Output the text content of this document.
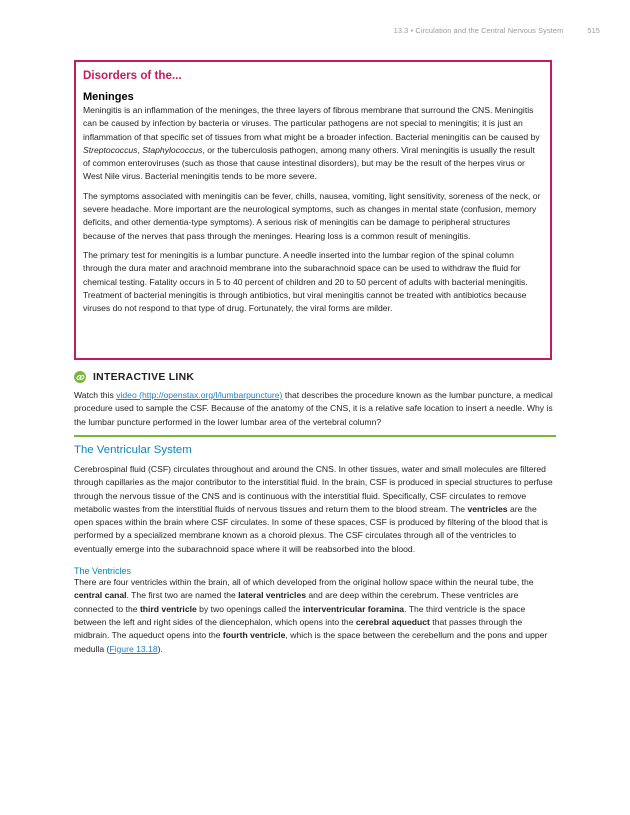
13.3 • Circulation and the Central Nervous System	515
Disorders of the...
Meninges

Meningitis is an inflammation of the meninges, the three layers of fibrous membrane that surround the CNS. Meningitis can be caused by infection by bacteria or viruses. The particular pathogens are not special to meningitis; it is just an inflammation of that specific set of tissues from what might be a broader infection. Bacterial meningitis can be caused by Streptococcus, Staphylococcus, or the tuberculosis pathogen, among many others. Viral meningitis is usually the result of common enteroviruses (such as those that cause intestinal disorders), but may be the result of the herpes virus or West Nile virus. Bacterial meningitis tends to be more severe.

The symptoms associated with meningitis can be fever, chills, nausea, vomiting, light sensitivity, soreness of the neck, or severe headache. More important are the neurological symptoms, such as changes in mental state (confusion, memory deficits, and other dementia-type symptoms). A serious risk of meningitis can be damage to peripheral structures because of the nerves that pass through the meninges. Hearing loss is a common result of meningitis.

The primary test for meningitis is a lumbar puncture. A needle inserted into the lumbar region of the spinal column through the dura mater and arachnoid membrane into the subarachnoid space can be used to withdraw the fluid for chemical testing. Fatality occurs in 5 to 40 percent of children and 20 to 50 percent of adults with bacterial meningitis. Treatment of bacterial meningitis is through antibiotics, but viral meningitis cannot be treated with antibiotics because viruses do not respond to that type of drug. Fortunately, the viral forms are milder.

INTERACTIVE LINK

Watch this video (http://openstax.org/l/lumbarpuncture) that describes the procedure known as the lumbar puncture, a medical procedure used to sample the CSF. Because of the anatomy of the CNS, it is a relative safe location to insert a needle. Why is the lumbar puncture performed in the lower lumbar area of the vertebral column?

The Ventricular System

Cerebrospinal fluid (CSF) circulates throughout and around the CNS. In other tissues, water and small molecules are filtered through capillaries as the major contributor to the interstitial fluid. In the brain, CSF is produced in special structures to perfuse through the nervous tissue of the CNS and is continuous with the interstitial fluid. Specifically, CSF circulates to remove metabolic wastes from the interstitial fluids of nervous tissues and return them to the blood stream. The ventricles are the open spaces within the brain where CSF circulates. In some of these spaces, CSF is produced by filtering of the blood that is performed by a specialized membrane known as a choroid plexus. The CSF circulates through all of the ventricles to eventually emerge into the subarachnoid space where it will be reabsorbed into the blood.

The Ventricles

There are four ventricles within the brain, all of which developed from the original hollow space within the neural tube, the central canal. The first two are named the lateral ventricles and are deep within the cerebrum. These ventricles are connected to the third ventricle by two openings called the interventricular foramina. The third ventricle is the space between the left and right sides of the diencephalon, which opens into the cerebral aqueduct that passes through the midbrain. The aqueduct opens into the fourth ventricle, which is the space between the cerebellum and the pons and upper medulla (Figure 13.18).
